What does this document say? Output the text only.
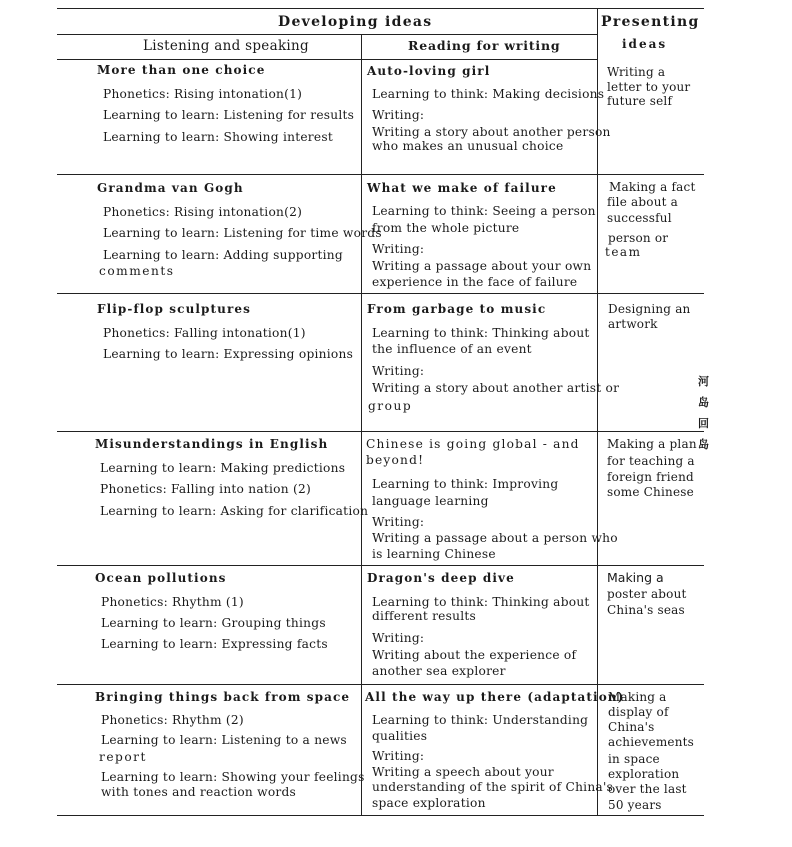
Developing ideas	Presenting
ideas
Listening and speaking	Reading for writing
河
岛
回
岛
More than one choice
Phonetics: Rising intonation(1)
Learning to learn: Listening for results
Learning to learn: Showing interest
Auto-loving girl
Learning to think: Making decisions
Writing:
Writing a story about another person
who makes an unusual choice
Writing a
letter to your
future self
Grandma van Gogh
Phonetics: Rising intonation(2)
Learning to learn: Listening for time words
Learning to learn: Adding supporting
comments
What we make of failure
Learning to think: Seeing a person
from the whole picture
Writing:
Writing a passage about your own
experience in the face of failure
Making a fact
file about a
successful
person or
team
Flip-flop sculptures
Phonetics: Falling intonation(1)
Learning to learn: Expressing opinions
From garbage to music
Learning to think: Thinking about
the influence of an event
Writing:
Writing a story about another artist or
group
Designing an
artwork
Misunderstandings in English
Learning to learn: Making predictions
Phonetics: Falling into nation (2)
Learning to learn: Asking for clarification
Chinese is going global - and
beyond!
Learning to think: Improving
language learning
Writing:
Writing a passage about a person who
is learning Chinese
Making a plan
for teaching a
foreign friend
some Chinese
Ocean pollutions
Phonetics: Rhythm (1)
Learning to learn: Grouping things
Learning to learn: Expressing facts
Dragon's deep dive
Learning to think: Thinking about
different results
Writing:
Writing about the experience of
another sea explorer
Making a
poster about
China's seas
Bringing things back from space
Phonetics: Rhythm (2)
Learning to learn: Listening to a news
report
Learning to learn: Showing your feelings
with tones and reaction words
All the way up there (adaptation)
Learning to think: Understanding
qualities
Writing:
Writing a speech about your
understanding of the spirit of China's
space exploration
Making a
display of
China's
achievements
in space
exploration
over the last
50 years
